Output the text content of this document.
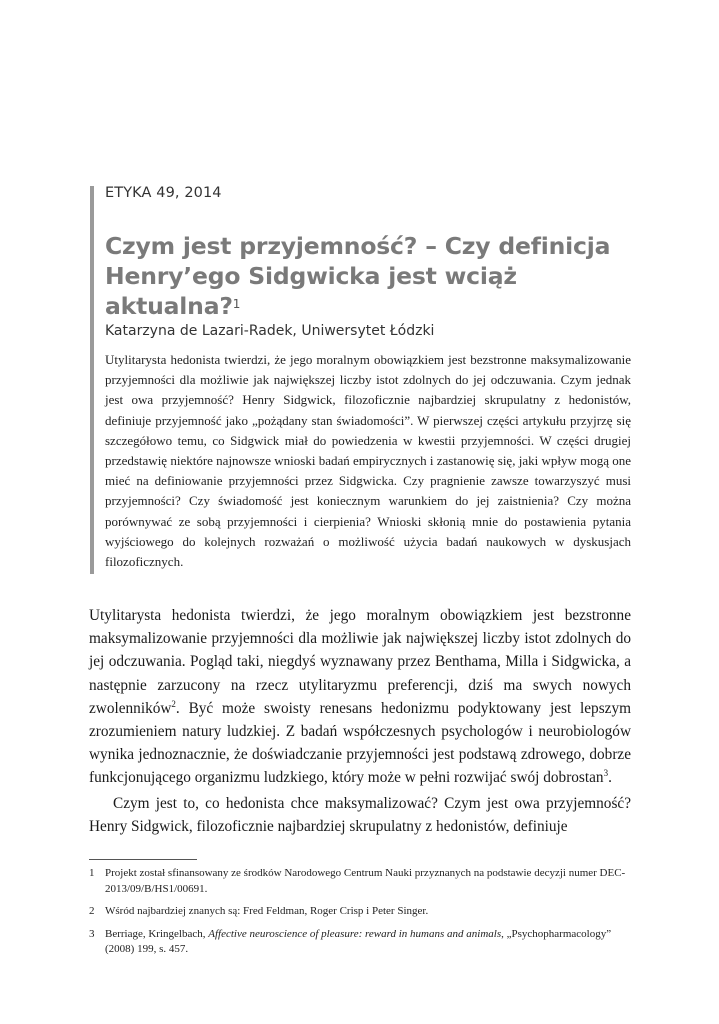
ETYKA 49, 2014
Czym jest przyjemność? – Czy definicja
Henry’ego Sidgwicka jest wciąż aktualna?$^1$
Katarzyna de Lazari-Radek, Uniwersytet Łódzki
Utylitarysta hedonista twierdzi, że jego moralnym obowiązkiem jest bezstronne maksymalizowanie przyjemności dla możliwie jak największej liczby istot zdolnych do jej odczuwania. Czym jednak jest owa przyjemność? Henry Sidgwick, filozoficznie najbardziej skrupulatny z hedonistów, definiuje przyjemność jako „pożądany stan świadomości”. W pierwszej części artykułu przyjrzę się szczegółowo temu, co Sidgwick miał do powiedzenia w kwestii przyjemności. W części drugiej przedstawię niektóre najnowsze wnioski badań empirycznych i zastanowię się, jaki wpływ mogą one mieć na definiowanie przyjemności przez Sidgwicka. Czy pragnienie zawsze towarzyszyć musi przyjemności? Czy świadomość jest koniecznym warunkiem do jej zaistnienia? Czy można porównywać ze sobą przyjemności i cierpienia? Wnioski skłonią mnie do postawienia pytania wyjściowego do kolejnych rozważań o możliwość użycia badań naukowych w dyskusjach filozoficznych.

Utylitarysta hedonista twierdzi, że jego moralnym obowiązkiem jest bezstronne maksymalizowanie przyjemności dla możliwie jak największej liczby istot zdolnych do jej odczuwania. Pogląd taki, niegdyś wyznawany przez Benthama, Milla i Sidgwicka, a następnie zarzucony na rzecz utylitaryzmu preferencji, dziś ma swych nowych zwolenników$^2$. Być może swoisty renesans hedonizmu podyktowany jest lepszym zrozumieniem natury ludzkiej. Z badań współczesnych psychologów i neurobiologów wynika jednoznacznie, że doświadczanie przyjemności jest podstawą zdrowego, dobrze funkcjonującego organizmu ludzkiego, który może w pełni rozwijać swój dobrostan$^3$.

Czym jest to, co hedonista chce maksymalizować? Czym jest owa przyjemność? Henry Sidgwick, filozoficznie najbardziej skrupulatny z hedonistów, definiuje

1 Projekt został sfinansowany ze środków Narodowego Centrum Nauki przyznanych na podstawie decyzji numer DEC-2013/09/B/HS1/00691.
2 Wśród najbardziej znanych są: Fred Feldman, Roger Crisp i Peter Singer.
3 Berriage, Kringelbach, Affective neuroscience of pleasure: reward in humans and animals, „Psychopharmacology” (2008) 199, s. 457.
